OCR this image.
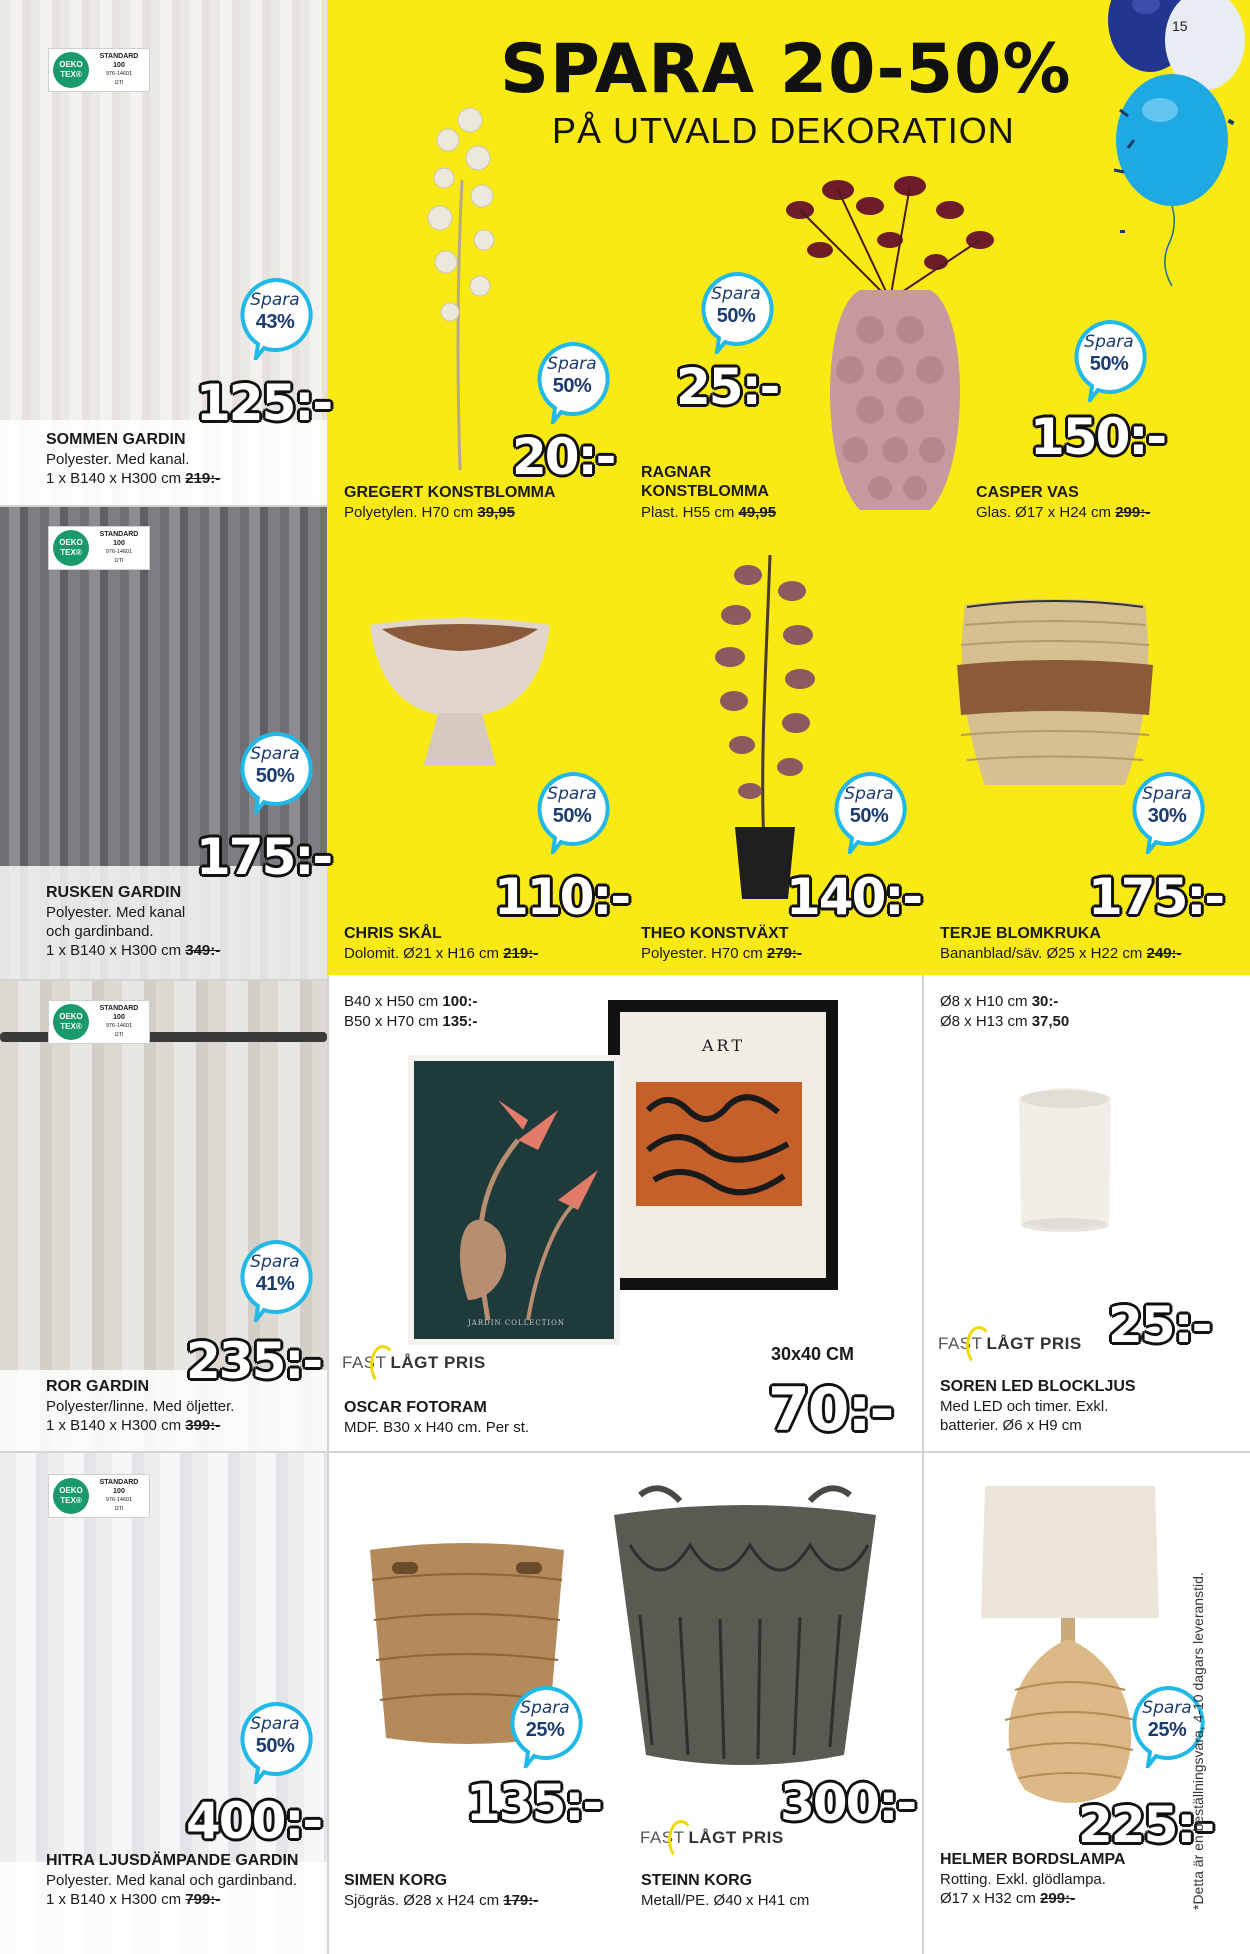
OEKO
TEX®
STANDARD
100
976-14601
ΩTI
OEKO
TEX®
STANDARD
100
976-14601
ΩTI
OEKO
TEX®
STANDARD
100
976-14601
ΩTI
OEKO
TEX®
STANDARD
100
976-14601
ΩTI
15
SPARA 20-50%
PÅ UTVALD DEKORATION
Spara
50%
20:-
GREGERT KONSTBLOMMA
Polyetylen. H70 cm 39,95
Spara
50%
25:-
RAGNAR
KONSTBLOMMA
Plast. H55 cm 49,95
Spara
50%
150:-
CASPER VAS
Glas. Ø17 x H24 cm 299:-
Spara
50%
110:-
CHRIS SKÅL
Dolomit. Ø21 x H16 cm 219:-
Spara
50%
140:-
THEO KONSTVÄXT
Polyester. H70 cm 279:-
Spara
30%
175:-
TERJE BLOMKRUKA
Bananblad/säv. Ø25 x H22 cm 249:-
B40 x H50 cm 100:-
B50 x H70 cm 135:-
ART
JARDIN COLLECTION
FAST LÅGT PRIS	30x40 CM
70:-
OSCAR FOTORAM
MDF. B30 x H40 cm. Per st.
Ø8 x H10 cm 30:-
Ø8 x H13 cm 37,50
25:-
FAST LÅGT PRIS
SOREN LED BLOCKLJUS
Med LED och timer. Exkl.
batterier. Ø6 x H9 cm
Spara
25%
135:-	300:-
FAST LÅGT PRIS
SIMEN KORG
Sjögräs. Ø28 x H24 cm 179:-
STEINN KORG
Metall/PE. Ø40 x H41 cm
Spara
25%
225:-
HELMER BORDSLAMPA
Rotting. Exkl. glödlampa.
Ø17 x H32 cm 299:-	*Detta är en beställningsvara, 4-10 dagars leveranstid.
Spara
43%
125:-
SOMMEN GARDIN
Polyester. Med kanal.
1 x B140 x H300 cm 219:-
Spara
50%
175:-
RUSKEN GARDIN
Polyester. Med kanal
och gardinband.
1 x B140 x H300 cm 349:-
Spara
41%
235:-
ROR GARDIN
Polyester/linne. Med öljetter.
1 x B140 x H300 cm 399:-
Spara
50%
400:-
HITRA LJUSDÄMPANDE GARDIN
Polyester. Med kanal och gardinband.
1 x B140 x H300 cm 799:-
